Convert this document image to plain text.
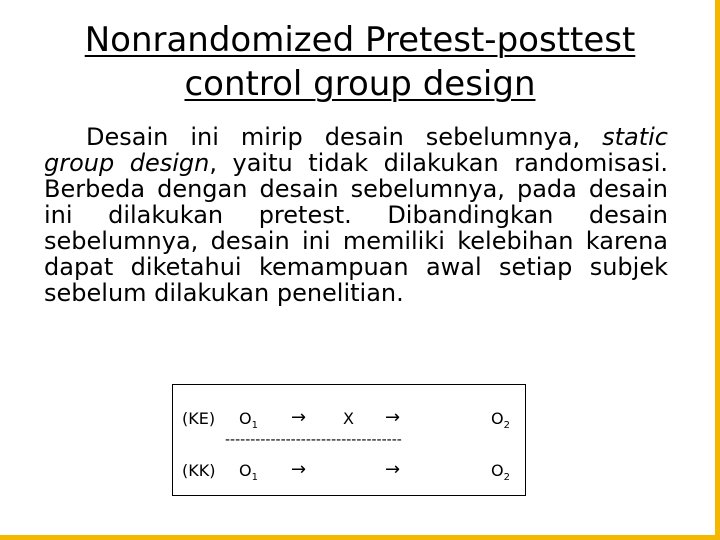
Nonrandomized Pretest-posttest
control group design
Desain ini mirip desain sebelumnya, static group design, yaitu tidak dilakukan randomisasi. Berbeda dengan desain sebelumnya, pada desain ini dilakukan pretest. Dibandingkan desain sebelumnya, desain ini memiliki kelebihan karena dapat diketahui kemampuan awal setiap subjek sebelum dilakukan penelitian.
(KE) $O_1 \to X$ →	$O_2$
-----------------------------------
(KK) $O_1$ →	→	$O_2$
